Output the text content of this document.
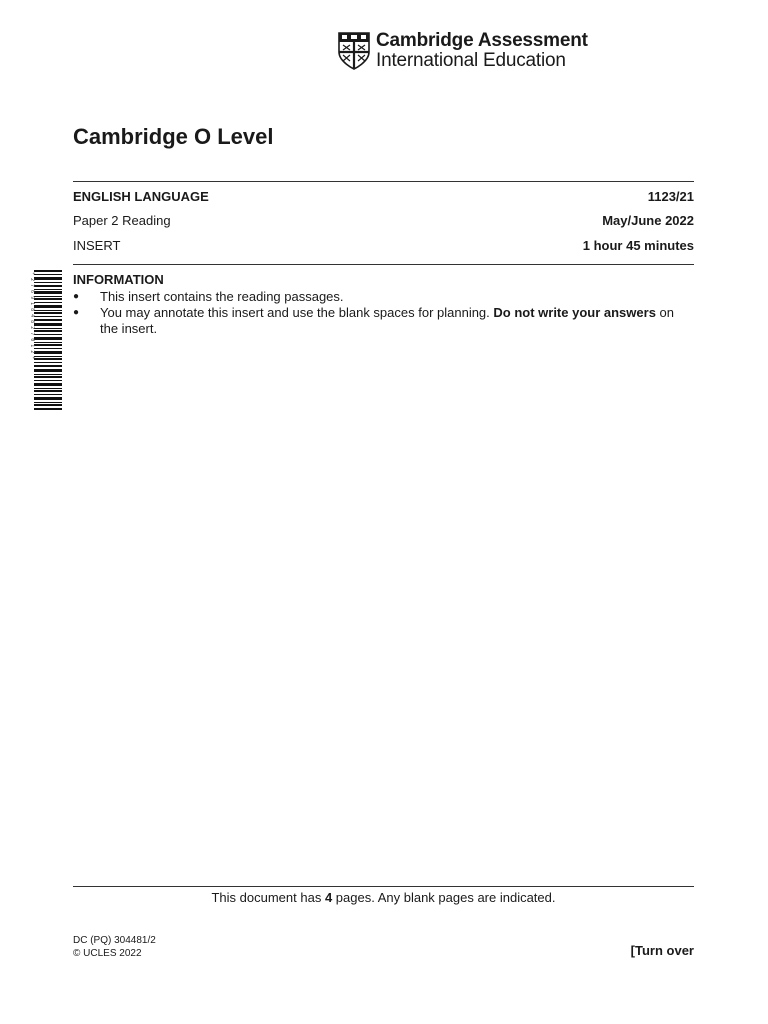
Cambridge Assessment
International Education
Cambridge O Level
ENGLISH LANGUAGE	1123/21
Paper 2 Reading	May/June 2022
INSERT	1 hour 45 minutes
* 2 7 6 9 1 8 4 8 2 7 0 1 2 *	INFORMATION
● This insert contains the reading passages.
● You may annotate this insert and use the blank spaces for planning. Do not write your answers on the insert.
This document has 4 pages. Any blank pages are indicated.
DC (PQ) 304481/2
© UCLES 2022	[Turn over
